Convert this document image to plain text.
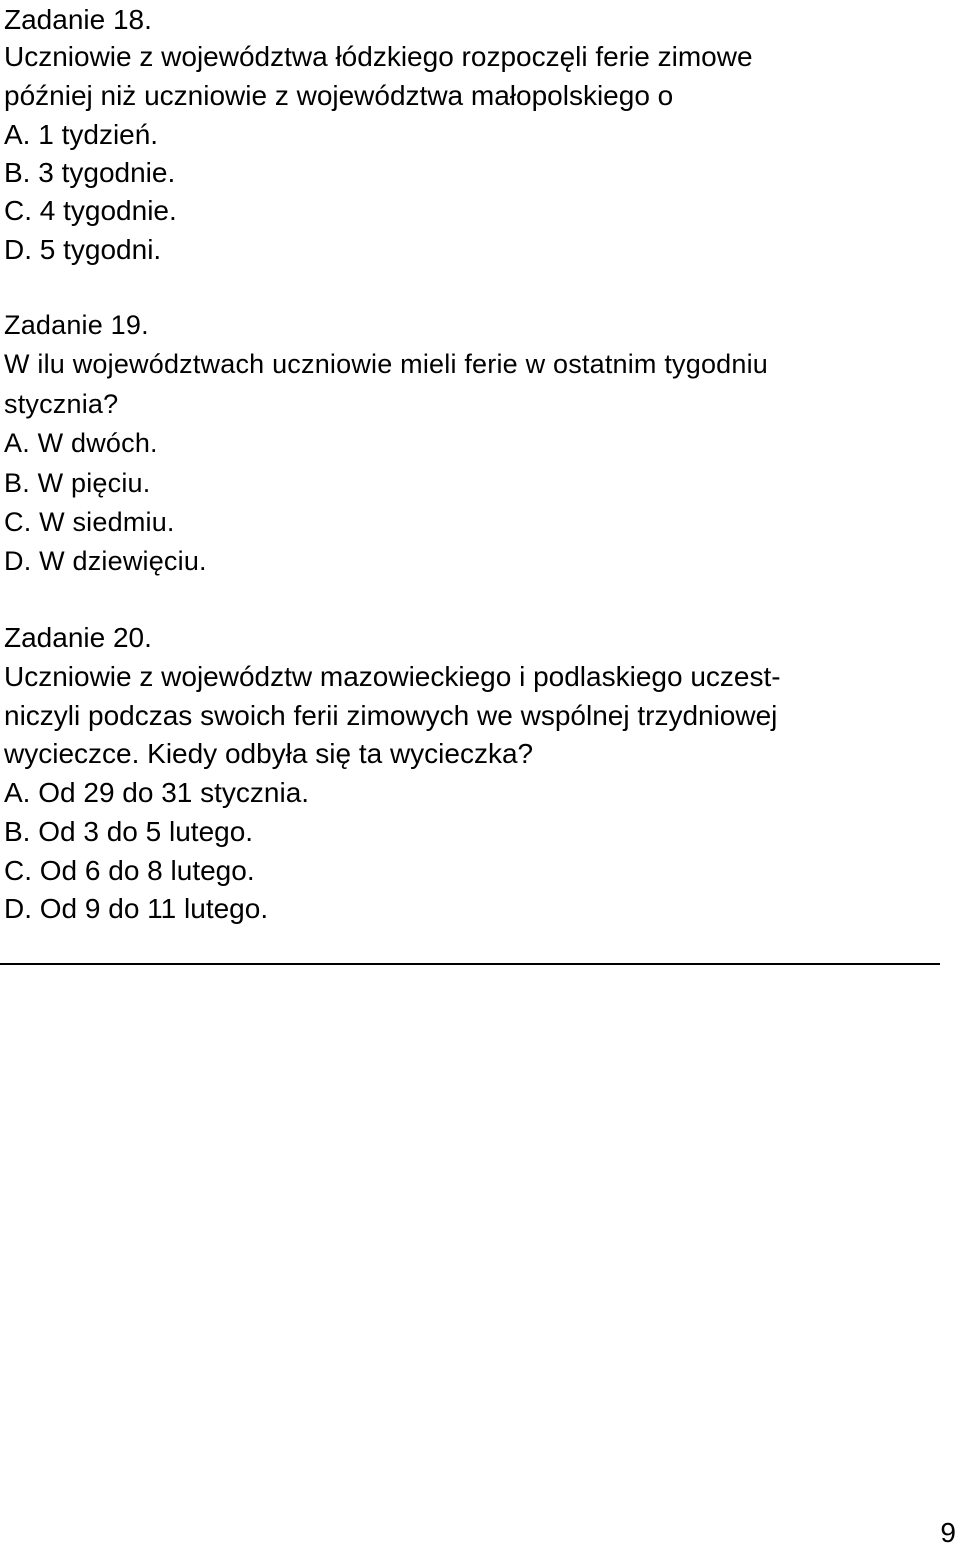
Zadanie 18.
Uczniowie z województwa łódzkiego rozpoczęli ferie zimowe
później niż uczniowie z województwa małopolskiego o
A. 1 tydzień.
B. 3 tygodnie.
C. 4 tygodnie.
D. 5 tygodni.
Zadanie 19.
W ilu województwach uczniowie mieli ferie w ostatnim tygodniu
stycznia?
A. W dwóch.
B. W pięciu.
C. W siedmiu.
D. W dziewięciu.
Zadanie 20.
Uczniowie z województw mazowieckiego i podlaskiego uczest-
niczyli podczas swoich ferii zimowych we wspólnej trzydniowej
wycieczce. Kiedy odbyła się ta wycieczka?
A. Od 29 do 31 stycznia.
B. Od 3 do 5 lutego.
C. Od 6 do 8 lutego.
D. Od 9 do 11 lutego.
9
